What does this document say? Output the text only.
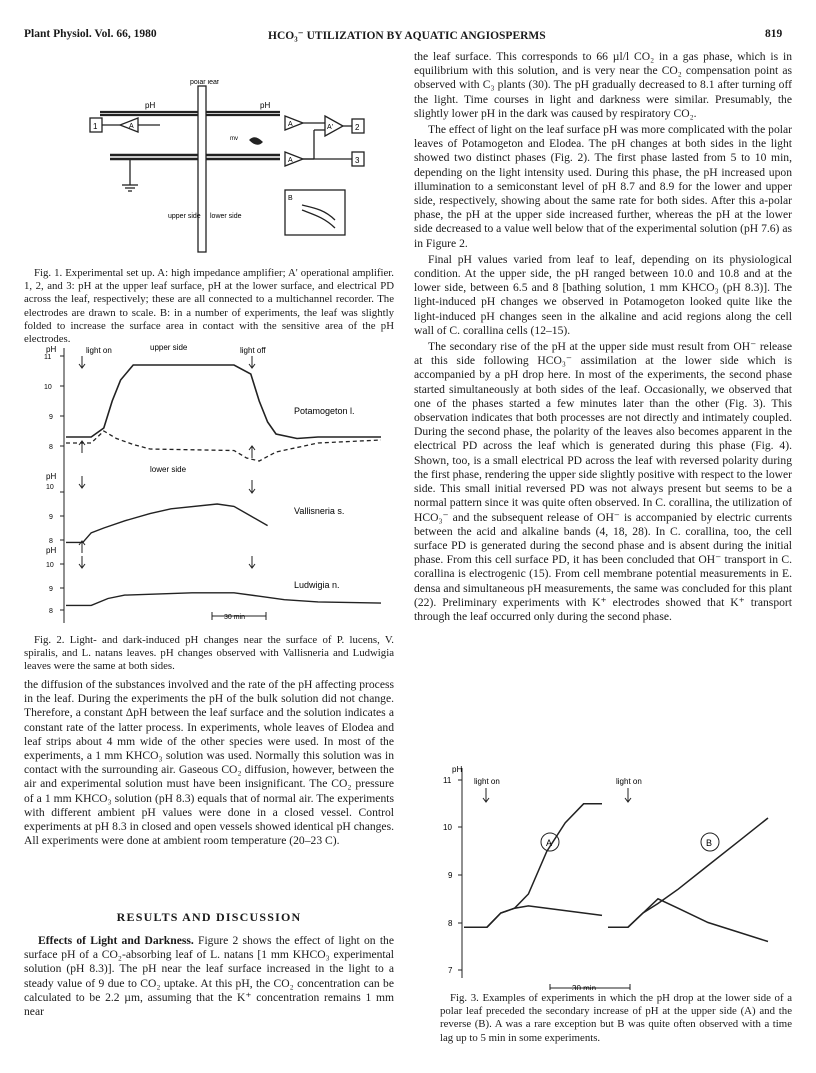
Plant Physiol. Vol. 66, 1980	HCO₃⁻ UTILIZATION BY AQUATIC ANGIOSPERMS	819
polar leaf
pH	pH
1	2
3
A	A
A
A'
mv
upper side lower side
B

Fig. 1. Experimental set up. A: high impedance amplifier; A' operational amplifier. 1, 2, and 3: pH at the upper leaf surface, pH at the lower surface, and electrical PD across the leaf, respectively; these are all connected to a multichannel recorder. The electrodes are drawn to scale. B: in a number of experiments, the leaf was slightly folded to increase the surface area in contact with the sensitive area of the pH electrodes.

pH
11
10
9
8
light on	light off
upper side
lower side
Potamogeton l.
pH
10
9
8
Vallisneria s.
pH
10
9
8
Ludwigia n.
30 min

Fig. 2. Light- and dark-induced pH changes near the surface of P. lucens, V. spiralis, and L. natans leaves. pH changes observed with Vallisneria and Ludwigia leaves were the same at both sides.

the diffusion of the substances involved and the rate of the pH affecting process in the leaf. During the experiments the pH of the bulk solution did not change. Therefore, a constant ΔpH between the leaf surface and the solution indicates a constant rate of the latter process. In experiments, whole leaves of Elodea and leaf strips about 4 mm wide of the other species were used. In most of the experiments, a 1 mm KHCO₃ solution was used. Normally this solution was in contact with the surrounding air. Gaseous CO₂ diffusion, however, between the air and experimental solution must have been insignificant. The CO₂ pressure of a 1 mm KHCO₃ solution (pH 8.3) equals that of normal air. The experiments with different ambient pH values were done in a closed vessel. Control experiments at pH 8.3 in closed and open vessels showed identical pH changes. All experiments were done at ambient room temperature (20–23 C).

RESULTS AND DISCUSSION

Effects of Light and Darkness. Figure 2 shows the effect of light on the surface pH of a CO₂-absorbing leaf of L. natans [1 mm KHCO₃ experimental solution (pH 8.3)]. The pH near the leaf surface increased in the light to a steady value of 9 due to CO₂ uptake. At this pH, the CO₂ concentration can be calculated to be 2.2 µm, assuming that the K⁺ concentration remains 1 mm near

the leaf surface. This corresponds to 66 µl/l CO₂ in a gas phase, which is in equilibrium with this solution, and is very near the CO₂ compensation point as observed with C₃ plants (30). The pH gradually decreased to 8.1 after turning off the light. Time courses in light and darkness were similar. Presumably, the slightly lower pH in the dark was caused by respiratory CO₂.

The effect of light on the leaf surface pH was more complicated with the polar leaves of Potamogeton and Elodea. The pH changes at both sides in the light showed two distinct phases (Fig. 2). The first phase lasted from 5 to 10 min, depending on the light intensity used. During this phase, the pH increased upon illumination to a semiconstant level of pH 8.7 and 8.9 for the lower and upper side, respectively, showing about the same rate for both sides. After this a-polar phase, the pH at the upper side increased further, whereas the pH at the lower side decreased to a value well below that of the experimental solution (pH 7.6) as in Figure 2.

Final pH values varied from leaf to leaf, depending on its physiological condition. At the upper side, the pH ranged between 10.0 and 10.8 and at the lower side, between 6.5 and 8 [bathing solution, 1 mm KHCO₃ (pH 8.3)]. The light-induced pH changes we observed in Potamogeton looked quite like the light-induced pH changes seen in the alkaline and acid regions along the cell wall of C. corallina cells (12–15).

The secondary rise of the pH at the upper side must result from OH⁻ release at this side following HCO₃⁻ assimilation at the lower side which is accompanied by a pH drop here. In most of the experiments, the second phase started simultaneously at both sides of the leaf. Occasionally, we observed that one of the phases started a few minutes later than the other (Fig. 3). This observation indicates that both processes are not directly and intimately coupled. During the second phase, the polarity of the leaves also becomes apparent in the electrical PD across the leaf which is generated during this phase (Fig. 4). Shown, too, is a small electrical PD across the leaf with reversed polarity during the first phase, rendering the upper side slightly positive with respect to the lower side. This small initial reversed PD was not always present but seems to be a normal pattern since it was quite often observed. In C. corallina, the utilization of HCO₃⁻ and the subsequent release of OH⁻ is accompanied by electric currents between the acid and alkaline bands (4, 18, 28). In C. corallina, too, the cell surface PD is generated during the second phase and is absent during the initial phase. From this cell surface PD, it has been concluded that OH⁻ transport in C. corallina is electrogenic (15). From cell membrane potential measurements in E. densa and simultaneous pH measurements, the same was concluded for this plant (22). Preliminary experiments with K⁺ electrodes showed that K⁺ transport through the leaf occurred only during the second phase.

pH
11
10
9
8
7
light on	light on
A	B
30 min

Fig. 3. Examples of experiments in which the pH drop at the lower side of a polar leaf preceded the secondary increase of pH at the upper side (A) and the reverse (B). A was a rare exception but B was quite often observed with a time lag up to 5 min in some experiments.
